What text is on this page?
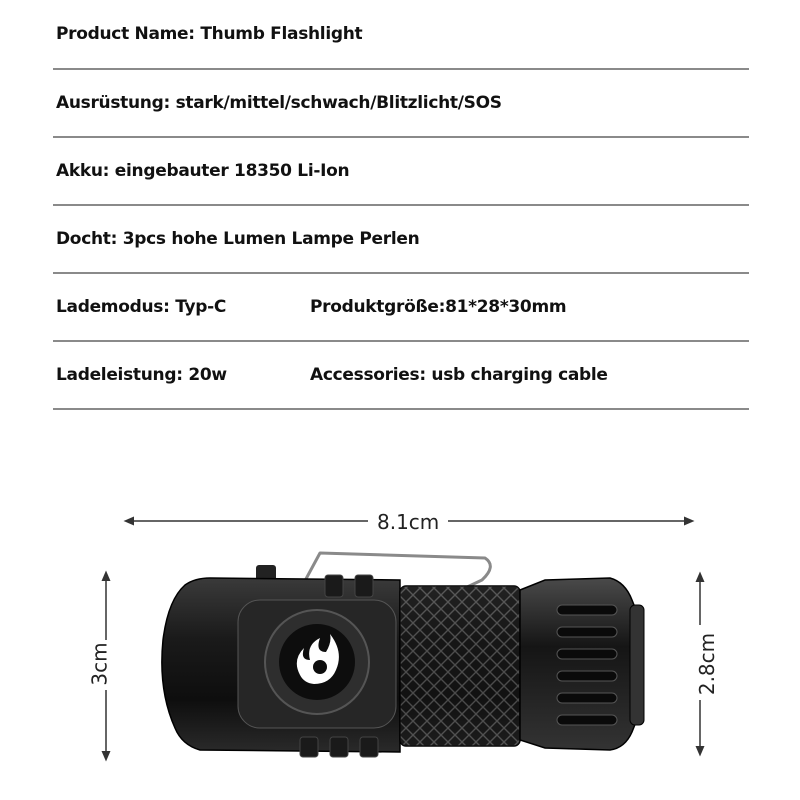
Product Name: Thumb Flashlight
Ausrüstung: stark/mittel/schwach/Blitzlicht/SOS
Akku: eingebauter 18350 Li-Ion
Docht: 3pcs hohe Lumen Lampe Perlen
Lademodus: Typ-C	Produktgröße:81*28*30mm
Ladeleistung: 20w	Accessories: usb charging cable
8.1cm
3cm	2.8cm
